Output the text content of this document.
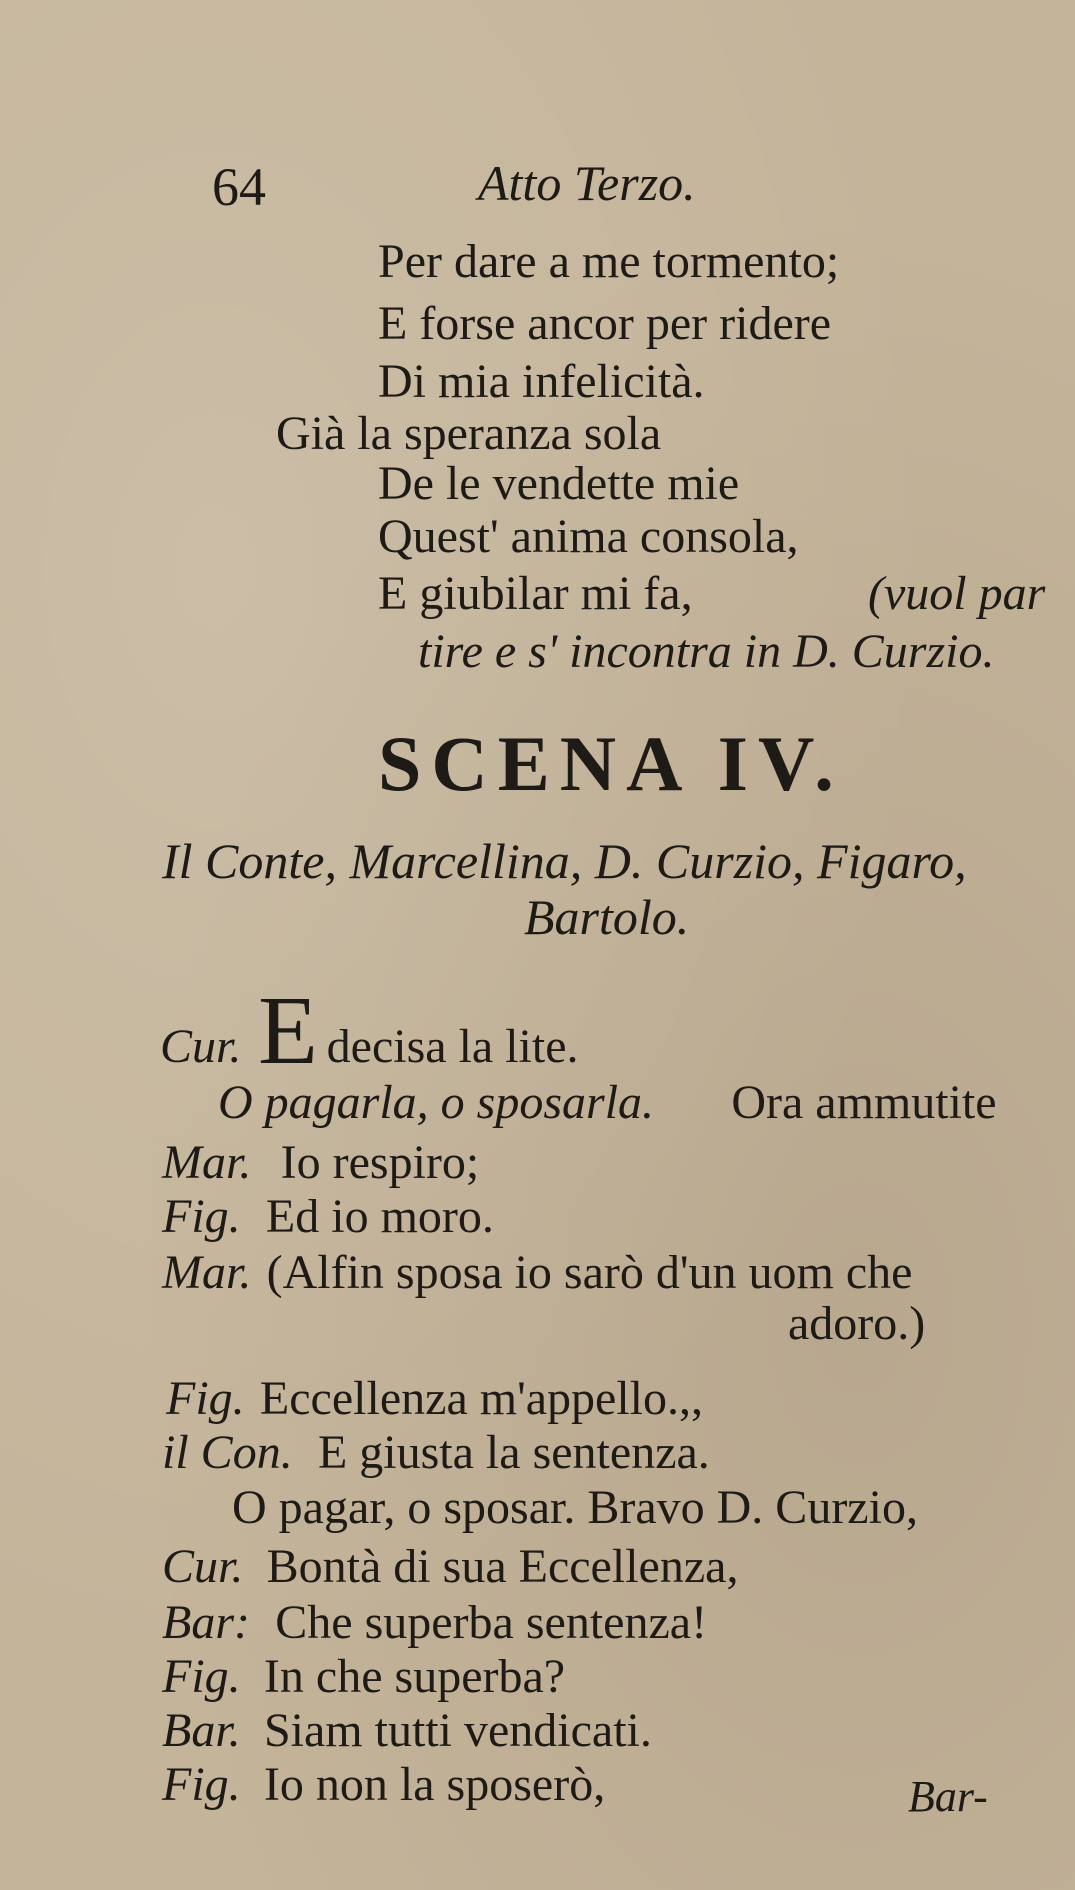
64	Atto Terzo.
Per dare a me tormento;
E forse ancor per ridere
Di mia infelicità.
Già la speranza sola
De le vendette mie
Quest' anima consola,
E giubilar mi fa,	(vuol par
tire e s' incontra in D. Curzio.
SCENA IV.
Il Conte, Marcellina, D. Curzio, Figaro,
Bartolo.
E
Cur. decisa la lite.
O pagarla, o sposarla. Ora ammutite
Mar. Io respiro;
Fig. Ed io moro.
Mar. (Alfin sposa io sarò d'un uom che
adoro.)
Fig. Eccellenza m'appello.,,
il Con. E giusta la sentenza.
O pagar, o sposar. Bravo D. Curzio,
Cur. Bontà di sua Eccellenza,
Bar: Che superba sentenza!
Fig. In che superba?
Bar. Siam tutti vendicati.
Fig. Io non la sposerò,	Bar-
